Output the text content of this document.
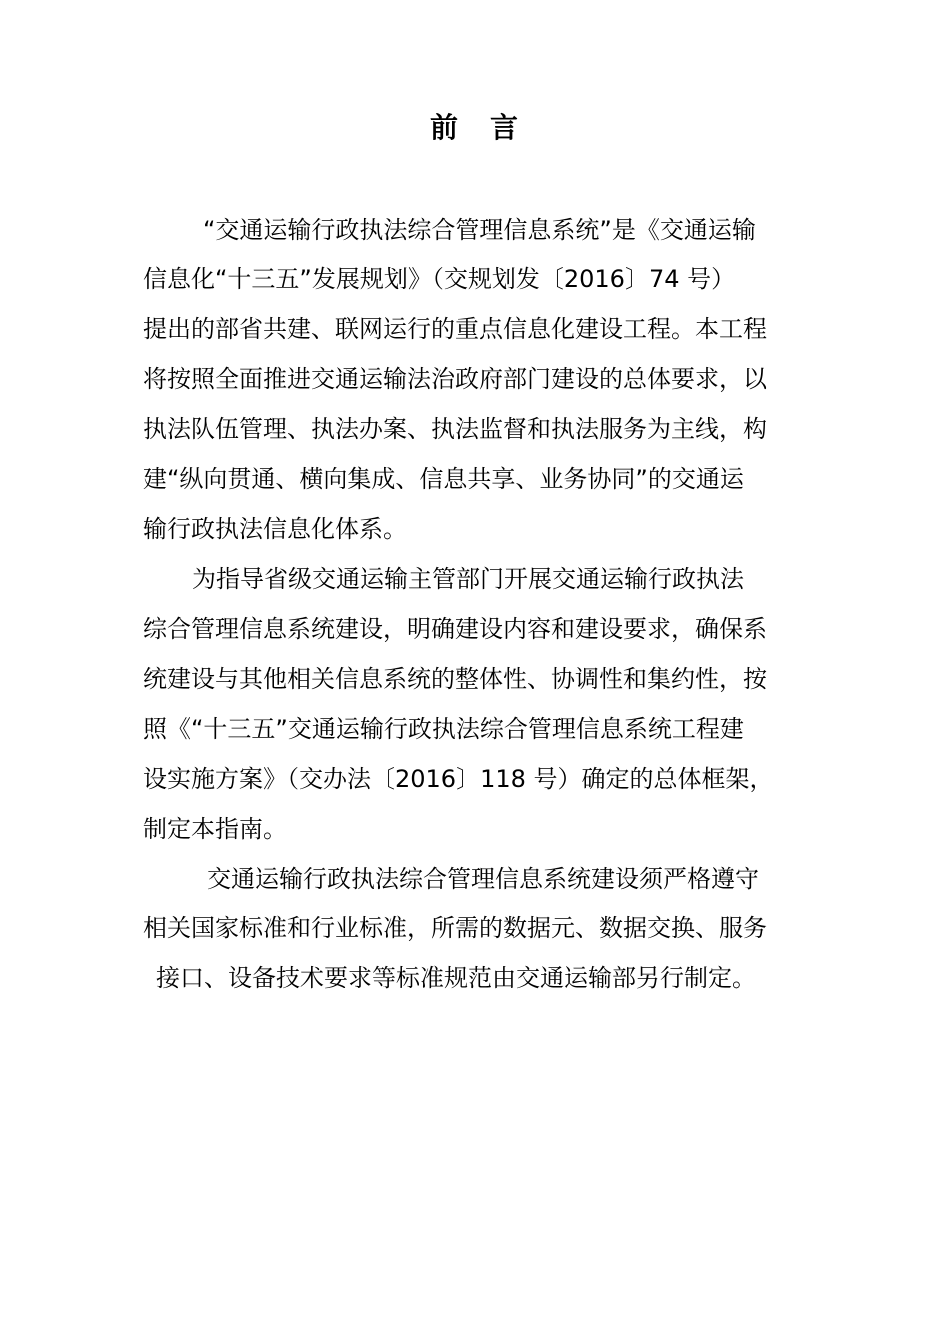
前　言
“交通运输行政执法综合管理信息系统”是《交通运输
信息化“十三五”发展规划》（交规划发〔2016〕74 号）
提出的部省共建、联网运行的重点信息化建设工程。本工程
将按照全面推进交通运输法治政府部门建设的总体要求，以
执法队伍管理、执法办案、执法监督和执法服务为主线，构
建“纵向贯通、横向集成、信息共享、业务协同”的交通运
输行政执法信息化体系。
为指导省级交通运输主管部门开展交通运输行政执法
综合管理信息系统建设，明确建设内容和建设要求，确保系
统建设与其他相关信息系统的整体性、协调性和集约性，按
照《“十三五”交通运输行政执法综合管理信息系统工程建
设实施方案》（交办法〔2016〕118 号）确定的总体框架，
制定本指南。
交通运输行政执法综合管理信息系统建设须严格遵守
相关国家标准和行业标准，所需的数据元、数据交换、服务
接口、设备技术要求等标准规范由交通运输部另行制定。
